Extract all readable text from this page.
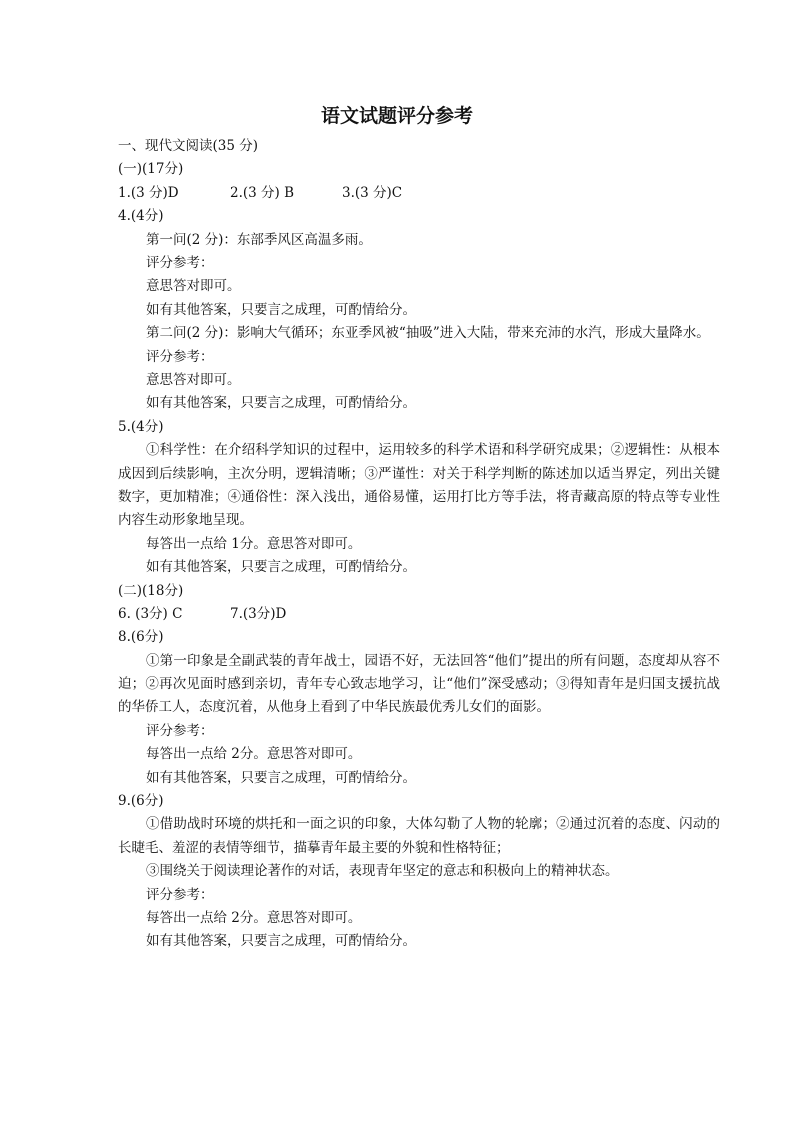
语文试题评分参考
一、现代文阅读(35 分)
(一)(17分)
1.(3 分)D	2.(3 分) B	3.(3 分)C
4.(4分)
第一问(2 分)：东部季风区高温多雨。
评分参考：
意思答对即可。
如有其他答案，只要言之成理，可酌情给分。
第二问(2 分)：影响大气循环；东亚季风被“抽吸”进入大陆，带来充沛的水汽，形成大量降水。
评分参考：
意思答对即可。
如有其他答案，只要言之成理，可酌情给分。
5.(4分)
①科学性：在介绍科学知识的过程中，运用较多的科学术语和科学研究成果；②逻辑性：从根本成因到后续影响，主次分明，逻辑清晰；③严谨性：对关于科学判断的陈述加以适当界定，列出关键数字，更加精准；④通俗性：深入浅出，通俗易懂，运用打比方等手法，将青藏高原的特点等专业性内容生动形象地呈现。
每答出一点给 1分。意思答对即可。
如有其他答案，只要言之成理，可酌情给分。
(二)(18分)
6. (3分) C	7.(3分)D
8.(6分)
①第一印象是全副武装的青年战士，园语不好，无法回答“他们”提出的所有问题，态度却从容不迫；②再次见面时感到亲切，青年专心致志地学习，让“他们”深受感动；③得知青年是归国支援抗战的华侨工人，态度沉着，从他身上看到了中华民族最优秀儿女们的面影。
评分参考：
每答出一点给 2分。意思答对即可。
如有其他答案，只要言之成理，可酌情给分。
9.(6分)
①借助战时环境的烘托和一面之识的印象，大体勾勒了人物的轮廓；②通过沉着的态度、闪动的长睫毛、羞涩的表情等细节，描摹青年最主要的外貌和性格特征；
③围绕关于阅读理论著作的对话，表现青年坚定的意志和积极向上的精神状态。
评分参考：
每答出一点给 2分。意思答对即可。
如有其他答案，只要言之成理，可酌情给分。
